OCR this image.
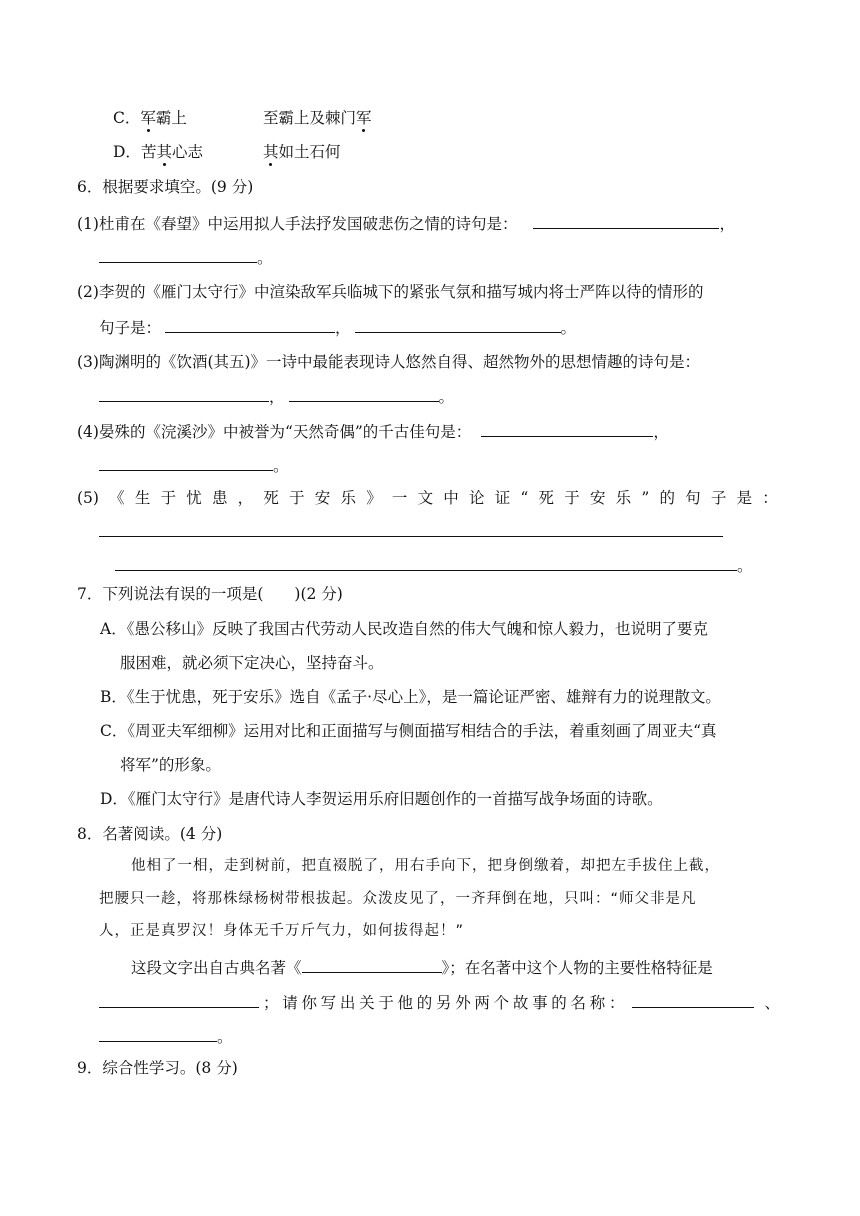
C．军霸上	至霸上及棘门军
D．苦其心志	其如土石何
6．根据要求填空。(9 分)
(1)杜甫在《春望》中运用拟人手法抒发国破悲伤之情的诗句是：	，
。
(2)李贺的《雁门太守行》中渲染敌军兵临城下的紧张气氛和描写城内将士严阵以待的情形的
句子是：	，	。
(3)陶渊明的《饮酒(其五)》一诗中最能表现诗人悠然自得、超然物外的思想情趣的诗句是：
，	。
(4)晏殊的《浣溪沙》中被誉为“天然奇偶”的千古佳句是：	，
。
(5) 《 生 于 忧 患 ， 死 于 安 乐 》 一 文 中 论 证 “ 死 于 安 乐 ” 的 句 子 是 ：
。
7．下列说法有误的一项是(　　)(2 分)
A．《愚公移山》反映了我国古代劳动人民改造自然的伟大气魄和惊人毅力，也说明了要克
服困难，就必须下定决心，坚持奋斗。
B．《生于忧患，死于安乐》选自《孟子·尽心上》，是一篇论证严密、雄辩有力的说理散文。
C．《周亚夫军细柳》运用对比和正面描写与侧面描写相结合的手法，着重刻画了周亚夫“真
将军”的形象。
D．《雁门太守行》是唐代诗人李贺运用乐府旧题创作的一首描写战争场面的诗歌。
8．名著阅读。(4 分)
他相了一相，走到树前，把直裰脱了，用右手向下，把身倒缴着，却把左手拔住上截，
把腰只一趁，将那株绿杨树带根拔起。众泼皮见了，一齐拜倒在地，只叫：“师父非是凡
人，正是真罗汉！身体无千万斤气力，如何拔得起！”
这段文字出自古典名著《	》；在名著中这个人物的主要性格特征是
； 请 你 写 出 关 于 他 的 另 外 两 个 故 事 的 名 称 ：	、
。
9．综合性学习。(8 分)
